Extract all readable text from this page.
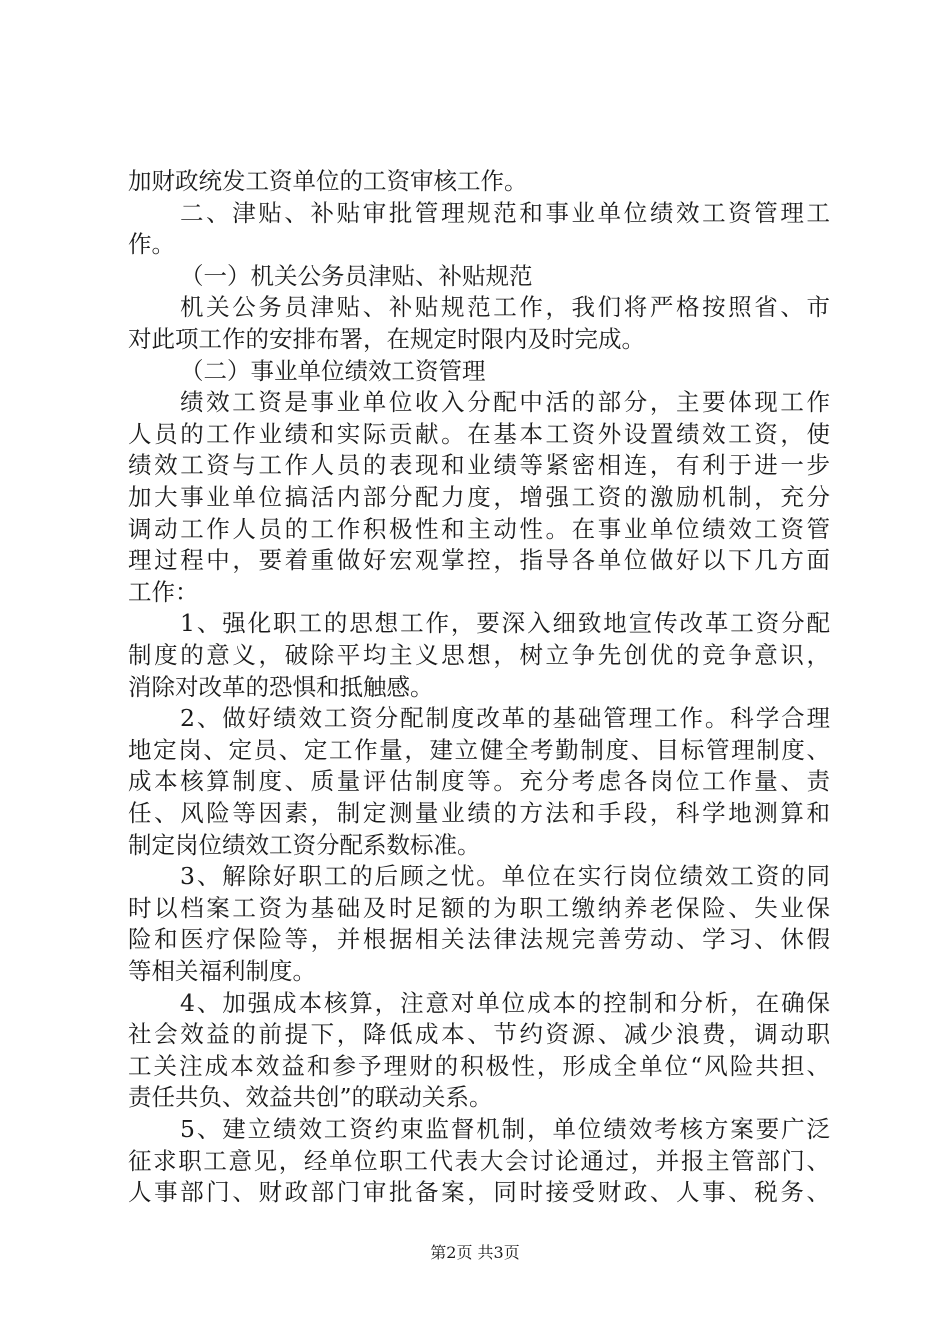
第2页 共3页
加财政统发工资单位的工资审核工作。
二、津贴、补贴审批管理规范和事业单位绩效工资管理工
作。
（一）机关公务员津贴、补贴规范
机关公务员津贴、补贴规范工作，我们将严格按照省、市
对此项工作的安排布署，在规定时限内及时完成。
（二）事业单位绩效工资管理
绩效工资是事业单位收入分配中活的部分，主要体现工作
人员的工作业绩和实际贡献。在基本工资外设置绩效工资，使
绩效工资与工作人员的表现和业绩等紧密相连，有利于进一步
加大事业单位搞活内部分配力度，增强工资的激励机制，充分
调动工作人员的工作积极性和主动性。在事业单位绩效工资管
理过程中，要着重做好宏观掌控，指导各单位做好以下几方面
工作：
1、强化职工的思想工作，要深入细致地宣传改革工资分配
制度的意义，破除平均主义思想，树立争先创优的竞争意识，
消除对改革的恐惧和抵触感。
2、做好绩效工资分配制度改革的基础管理工作。科学合理
地定岗、定员、定工作量，建立健全考勤制度、目标管理制度、
成本核算制度、质量评估制度等。充分考虑各岗位工作量、责
任、风险等因素，制定测量业绩的方法和手段，科学地测算和
制定岗位绩效工资分配系数标准。
3、解除好职工的后顾之忧。单位在实行岗位绩效工资的同
时以档案工资为基础及时足额的为职工缴纳养老保险、失业保
险和医疗保险等，并根据相关法律法规完善劳动、学习、休假
等相关福利制度。
4、加强成本核算，注意对单位成本的控制和分析，在确保
社会效益的前提下，降低成本、节约资源、减少浪费，调动职
工关注成本效益和参予理财的积极性，形成全单位“风险共担、
责任共负、效益共创”的联动关系。
5、建立绩效工资约束监督机制，单位绩效考核方案要广泛
征求职工意见，经单位职工代表大会讨论通过，并报主管部门、
人事部门、财政部门审批备案，同时接受财政、人事、税务、
